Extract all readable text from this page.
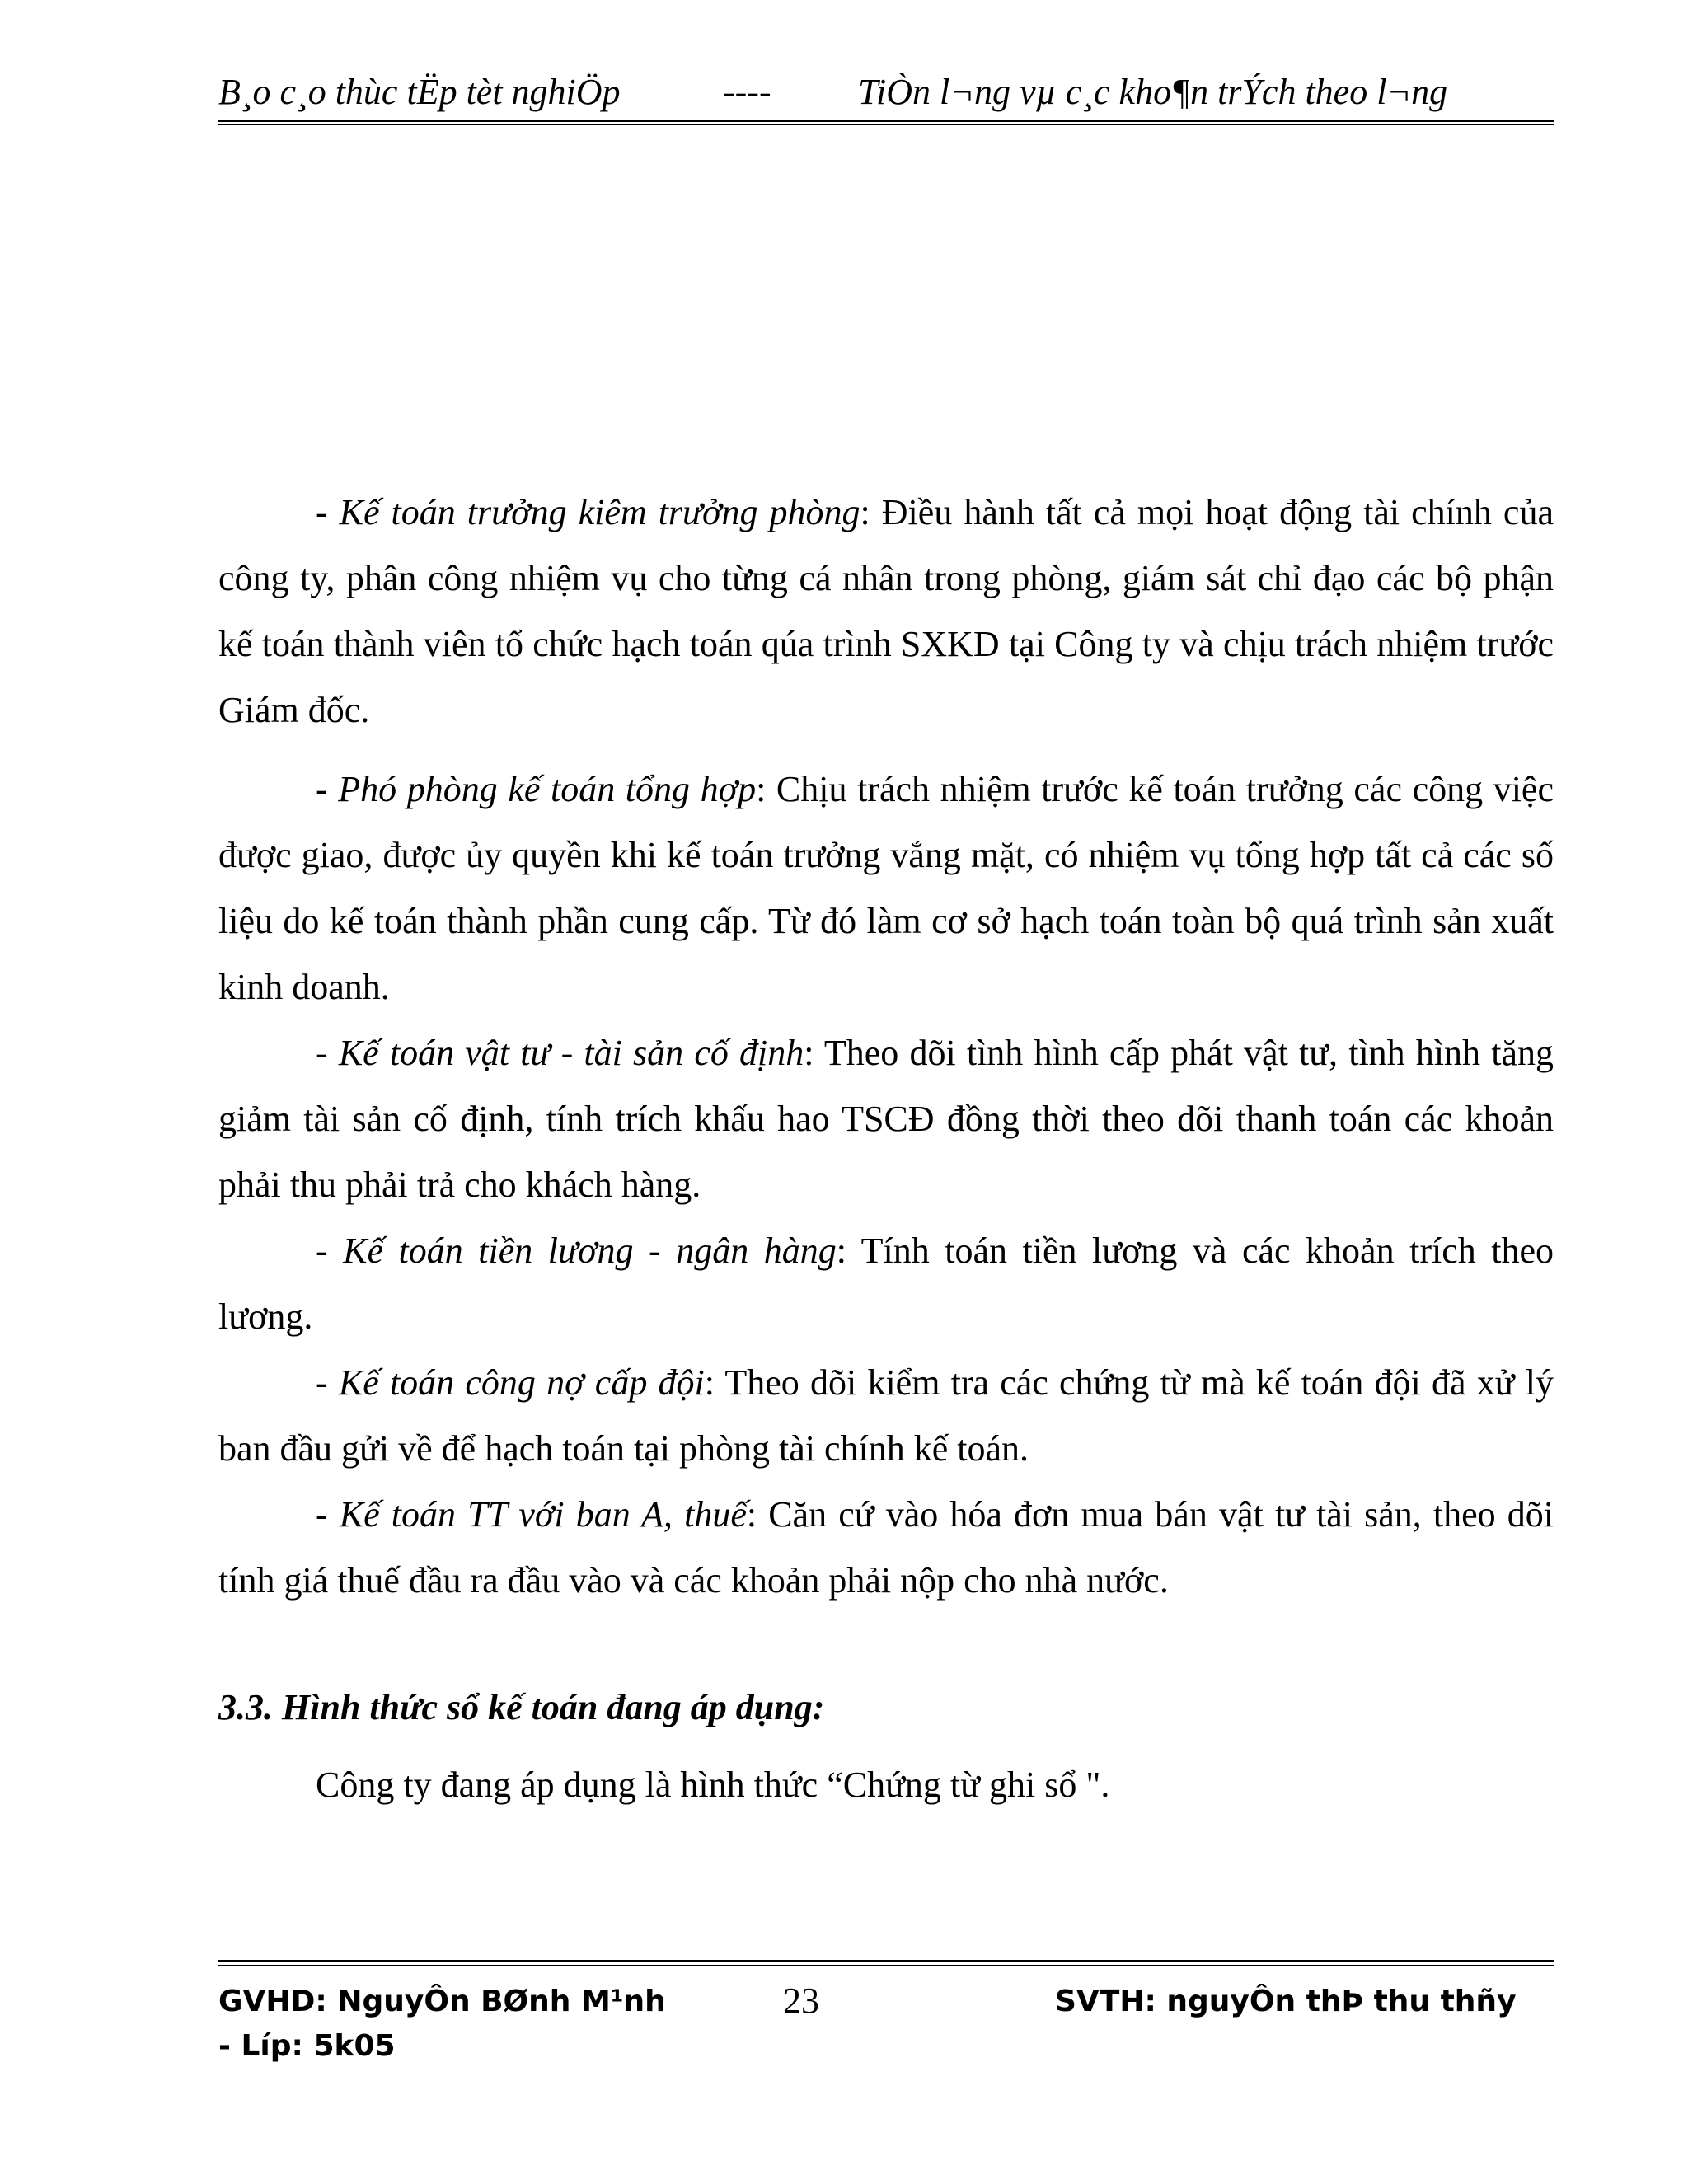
B¸o c¸o thùc tËp tèt nghiÖp	---- TiÒn l¬ng vµ c¸c kho¶n trÝch theo l¬ng

- Kế toán trưởng kiêm trưởng phòng: Điều hành tất cả mọi hoạt động tài chính của công ty, phân công nhiệm vụ cho từng cá nhân trong phòng, giám sát chỉ đạo các bộ phận kế toán thành viên tổ chức hạch toán qúa trình SXKD tại Công ty và chịu trách nhiệm trước Giám đốc.

- Phó phòng kế toán tổng hợp: Chịu trách nhiệm trước kế toán trưởng các công việc được giao, được ủy quyền khi kế toán trưởng vắng mặt, có nhiệm vụ tổng hợp tất cả các số liệu do kế toán thành phần cung cấp. Từ đó làm cơ sở hạch toán toàn bộ quá trình sản xuất kinh doanh.

- Kế toán vật tư - tài sản cố định: Theo dõi tình hình cấp phát vật tư, tình hình tăng giảm tài sản cố định, tính trích khấu hao TSCĐ đồng thời theo dõi thanh toán các khoản phải thu phải trả cho khách hàng.

- Kế toán tiền lương - ngân hàng: Tính toán tiền lương và các khoản trích theo lương.

- Kế toán công nợ cấp đội: Theo dõi kiểm tra các chứng từ mà kế toán đội đã xử lý ban đầu gửi về để hạch toán tại phòng tài chính kế toán.

- Kế toán TT với ban A, thuế: Căn cứ vào hóa đơn mua bán vật tư tài sản, theo dõi tính giá thuế đầu ra đầu vào và các khoản phải nộp cho nhà nước.

3.3. Hình thức sổ kế toán đang áp dụng:

Công ty đang áp dụng là hình thức “Chứng từ ghi sổ ".

GVHD: NguyÔn BØnh M¹nh	23	SVTH: nguyÔn thÞ thu thñy
- Líp: 5k05
